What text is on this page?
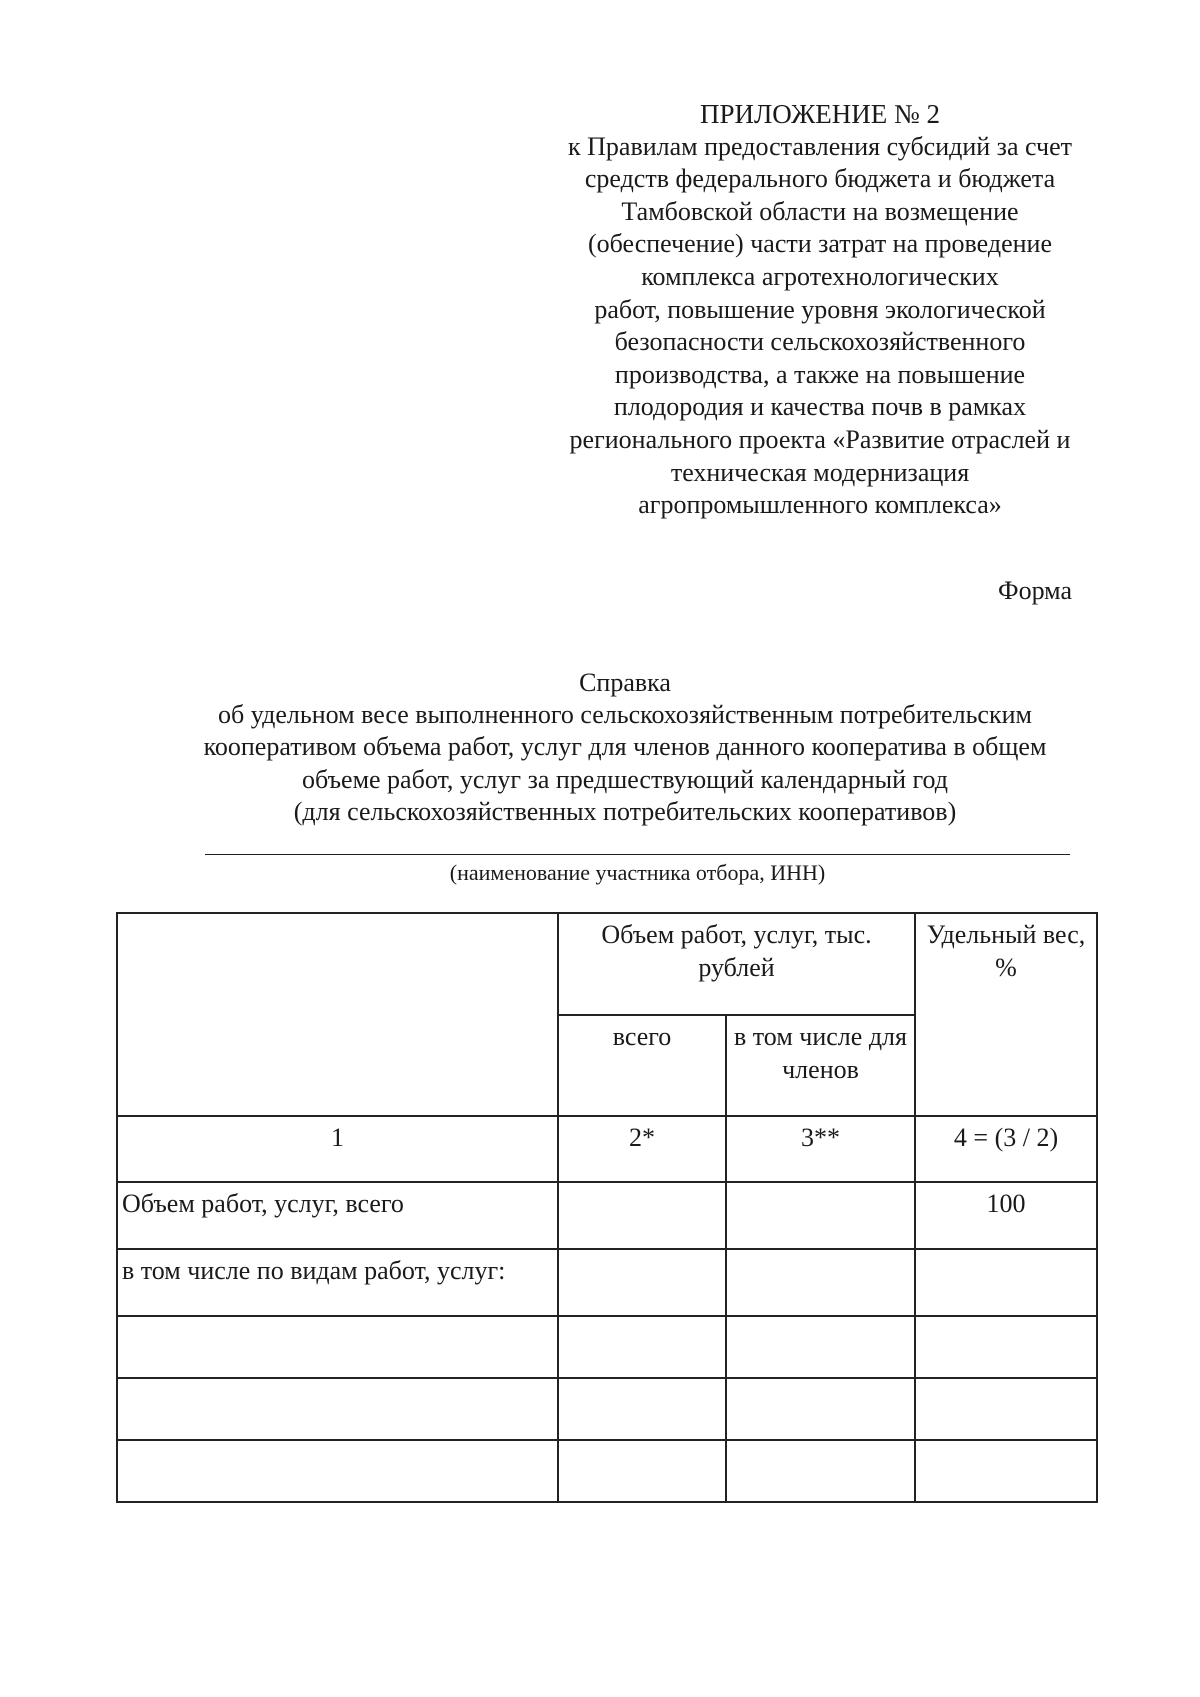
ПРИЛОЖЕНИЕ № 2
к Правилам предоставления субсидий за счет
средств федерального бюджета и бюджета
Тамбовской области на возмещение
(обеспечение) части затрат на проведение
комплекса агротехнологических
работ, повышение уровня экологической
безопасности сельскохозяйственного
производства, а также на повышение
плодородия и качества почв в рамках
регионального проекта «Развитие отраслей и
техническая модернизация
агропромышленного комплекса»
Форма
Справка
об удельном весе выполненного сельскохозяйственным потребительским
кооперативом объема работ, услуг для членов данного кооператива в общем
объеме работ, услуг за предшествующий календарный год
(для сельскохозяйственных потребительских кооперативов)
(наименование участника отбора, ИНН)
	Объем работ, услуг, тыс. рублей		Удельный вес, %
	всего	в том числе для членов	
1	2*	3**	4 = (3 / 2)
Объем работ, услуг, всего			100
в том числе по видам работ, услуг:			
